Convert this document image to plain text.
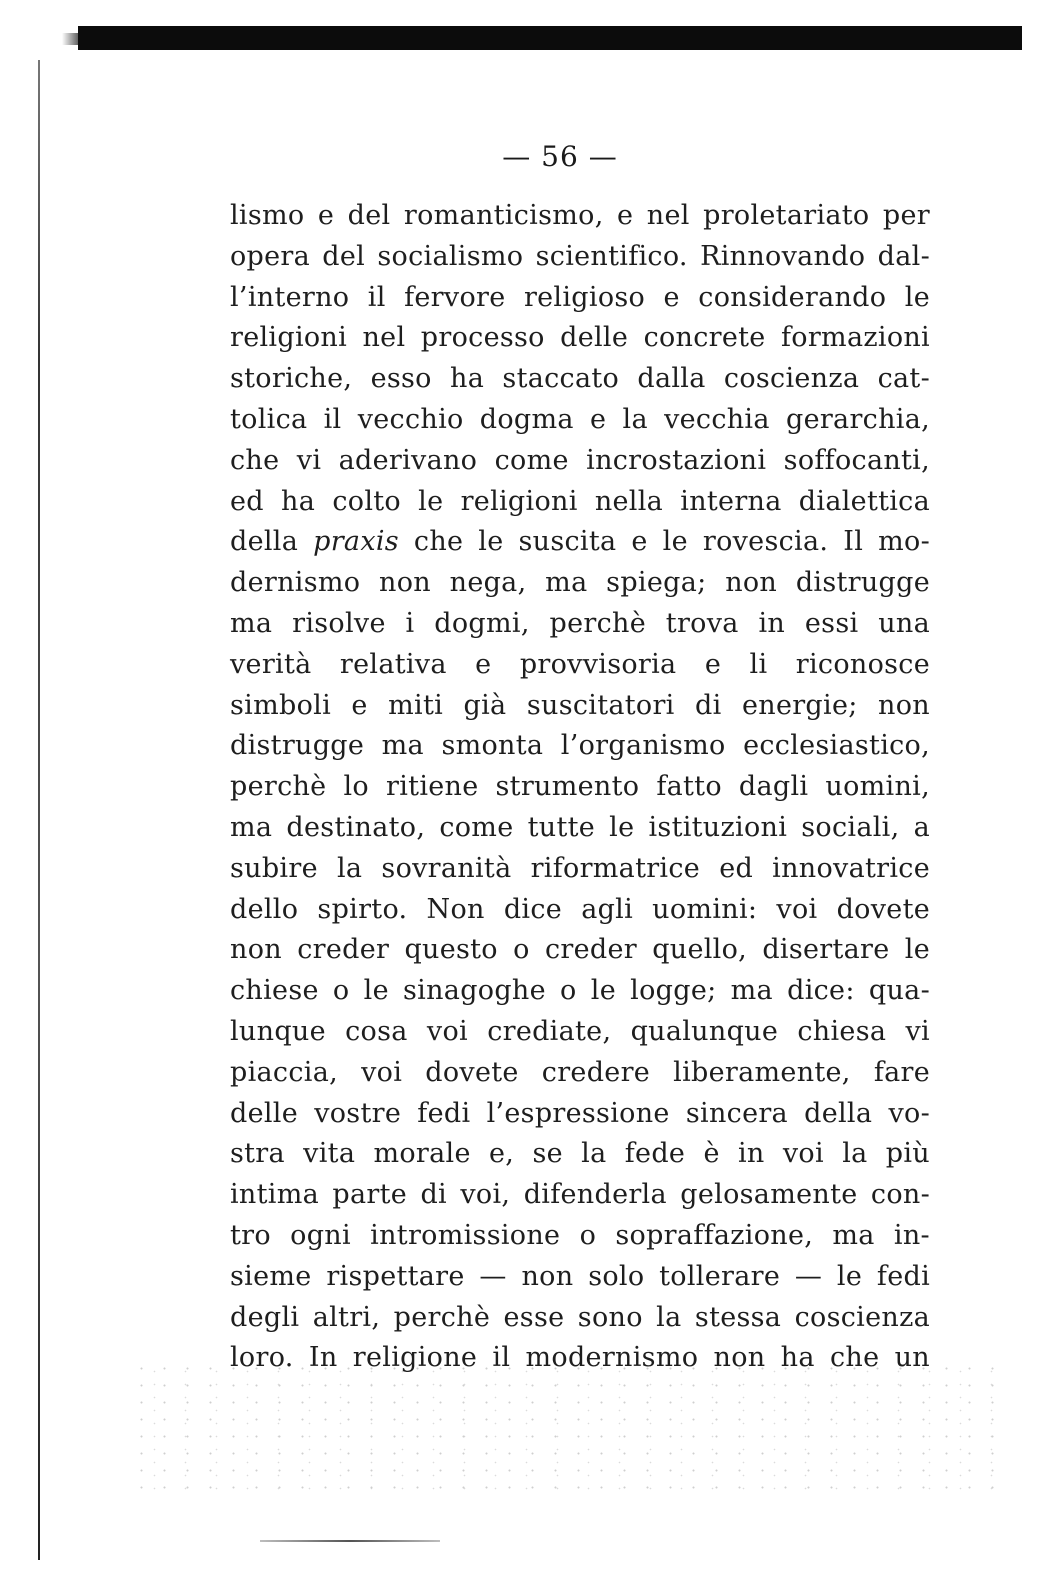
— 56 —
lismo e del romanticismo, e nel proletariato per
opera del socialismo scientifico. Rinnovando dal-
l’interno il fervore religioso e considerando le
religioni nel processo delle concrete formazioni
storiche, esso ha staccato dalla coscienza cat-
tolica il vecchio dogma e la vecchia gerarchia,
che vi aderivano come incrostazioni soffocanti,
ed ha colto le religioni nella interna dialettica
della praxis che le suscita e le rovescia. Il mo-
dernismo non nega, ma spiega; non distrugge
ma risolve i dogmi, perchè trova in essi una
verità relativa e provvisoria e li riconosce
simboli e miti già suscitatori di energie; non
distrugge ma smonta l’organismo ecclesiastico,
perchè lo ritiene strumento fatto dagli uomini,
ma destinato, come tutte le istituzioni sociali, a
subire la sovranità riformatrice ed innovatrice
dello spirto. Non dice agli uomini: voi dovete
non creder questo o creder quello, disertare le
chiese o le sinagoghe o le logge; ma dice: qua-
lunque cosa voi crediate, qualunque chiesa vi
piaccia, voi dovete credere liberamente, fare
delle vostre fedi l’espressione sincera della vo-
stra vita morale e, se la fede è in voi la più
intima parte di voi, difenderla gelosamente con-
tro ogni intromissione o sopraffazione, ma in-
sieme rispettare — non solo tollerare — le fedi
degli altri, perchè esse sono la stessa coscienza
loro. In religione il modernismo non ha che un
